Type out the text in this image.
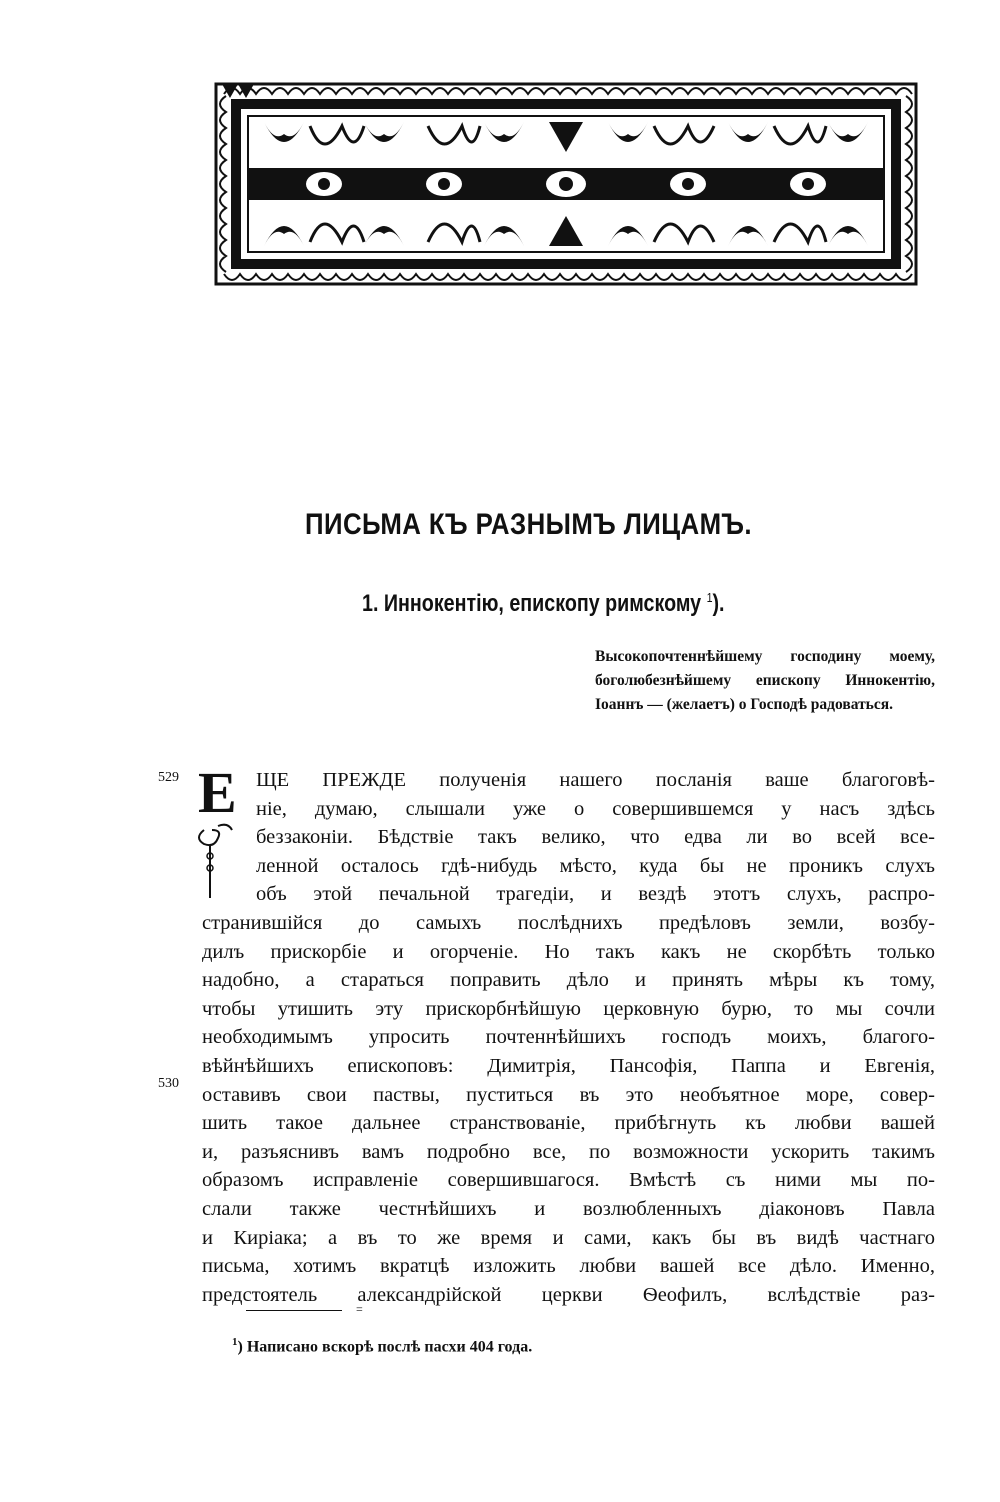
ПИСЬМА КЪ РАЗНЫМЪ ЛИЦАМЪ.
1. Иннокентію, епископу римскому $^1$).
Высокопочтеннѣйшему господину моему, боголюбезнѣйшему епископу Иннокентію, Іоаннъ — (желаетъ) о Господѣ радоваться.
529
530
Е ЩЕ ПРЕЖДЕ полученія нашего посланія ваше благоговѣ-
ніе, думаю, слышали уже о совершившемся у насъ здѣсь
беззаконіи. Бѣдствіе такъ велико, что едва ли во всей все-
ленной осталось гдѣ-нибудь мѣсто, куда бы не проникъ слухъ
объ этой печальной трагедіи, и вездѣ этотъ слухъ, распро-
странившійся до самыхъ послѣднихъ предѣловъ земли, возбу-
дилъ прискорбіе и огорченіе. Но такъ какъ не скорбѣть только
надобно, а стараться поправить дѣло и принять мѣры къ тому,
чтобы утишить эту прискорбнѣйшую церковную бурю, то мы сочли
необходимымъ упросить почтеннѣйшихъ господъ моихъ, благого-
вѣйнѣйшихъ епископовъ: Димитрія, Пансофія, Паппа и Евгенія,
оставивъ свои паствы, пуститься въ это необъятное море, совер-
шить такое дальнее странствованіе, прибѣгнуть къ любви вашей
и, разъяснивъ вамъ подробно все, по возможности ускорить такимъ
образомъ исправленіе совершившагося. Вмѣстѣ съ ними мы по-
слали также честнѣйшихъ и возлюбленныхъ діаконовъ Павла
и Киріака; а въ то же время и сами, какъ бы въ видѣ частнаго
письма, хотимъ вкратцѣ изложить любви вашей все дѣло. Именно,
предстоятель александрійской церкви Ѳеофилъ, вслѣдствіе раз-
=
$^1$) Написано вскорѣ послѣ пасхи 404 года.
